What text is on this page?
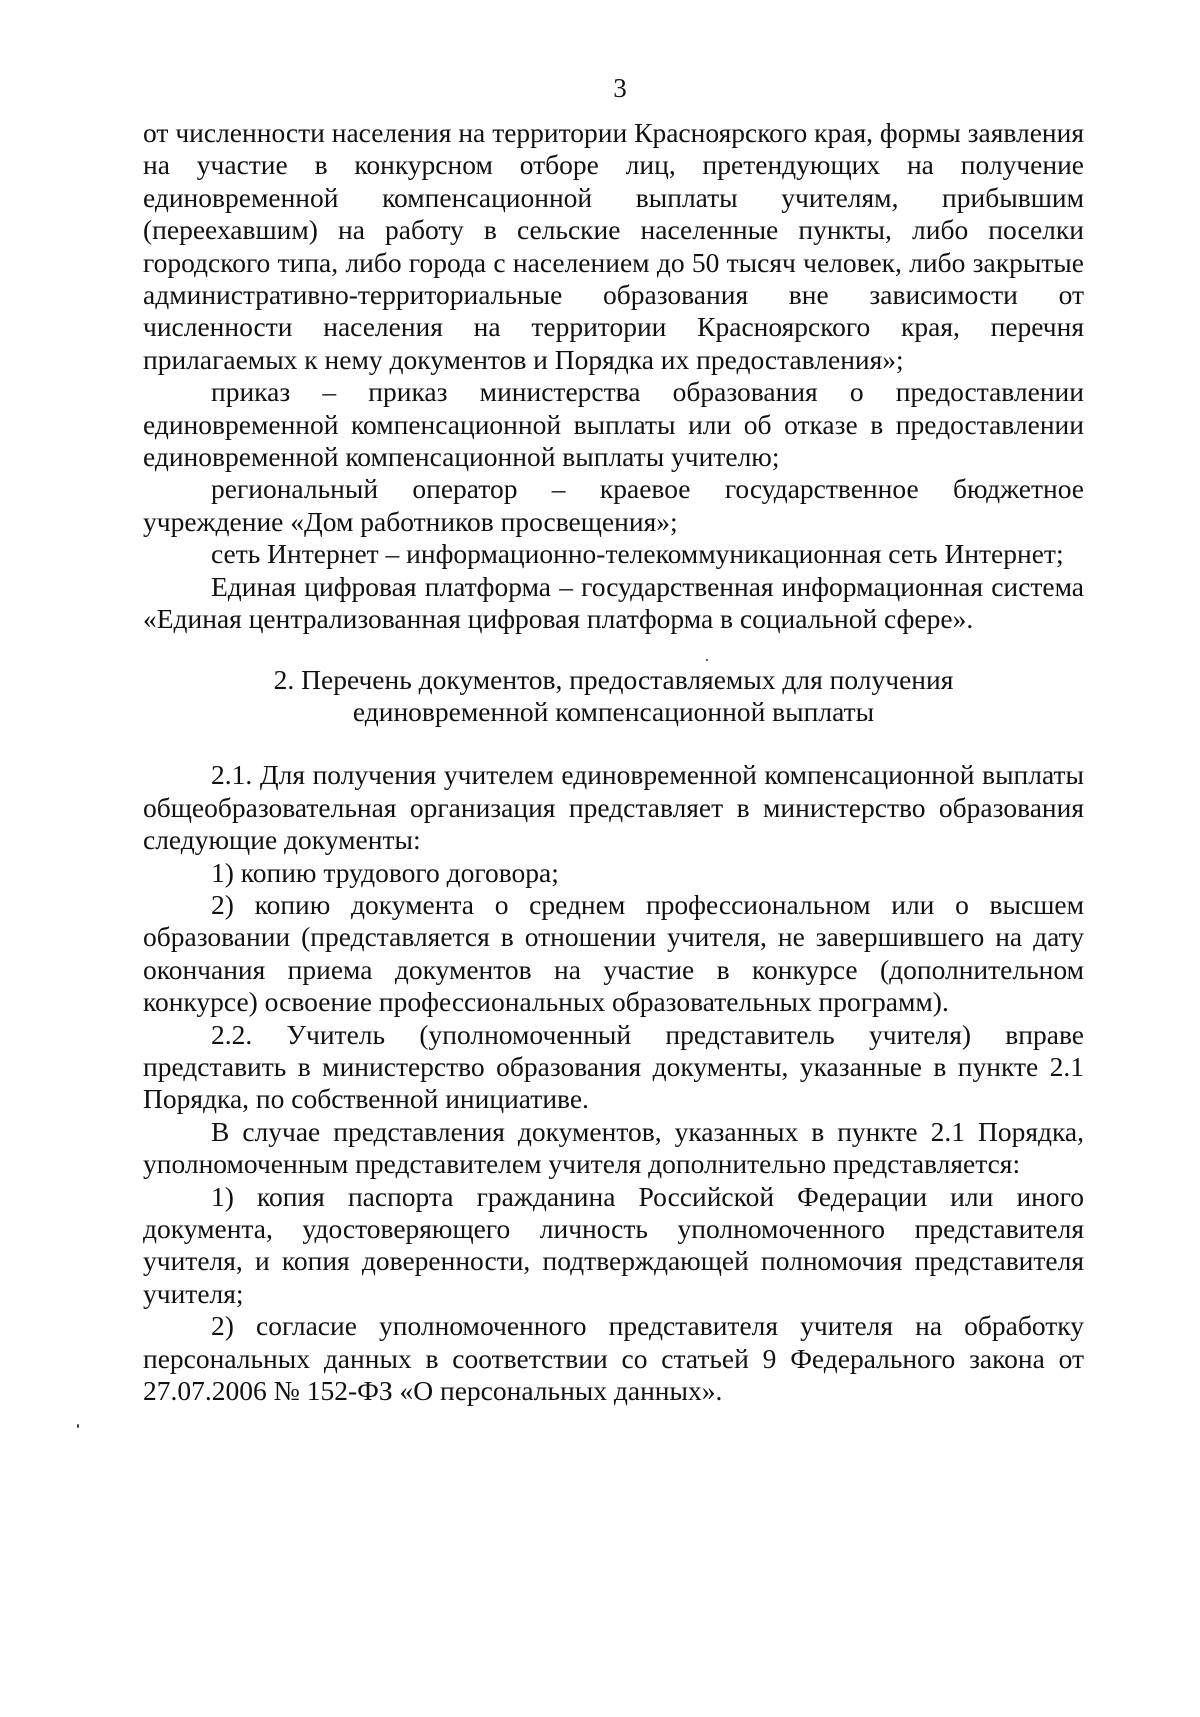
3

от численности населения на территории Красноярского края, формы заявления на участие в конкурсном отборе лиц, претендующих на получение единовременной компенсационной выплаты учителям, прибывшим (переехавшим) на работу в сельские населенные пункты, либо поселки городского типа, либо города с населением до 50 тысяч человек, либо закрытые административно-территориальные образования вне зависимости от численности населения на территории Красноярского края, перечня прилагаемых к нему документов и Порядка их предоставления»;

приказ – приказ министерства образования о предоставлении единовременной компенсационной выплаты или об отказе в предоставлении единовременной компенсационной выплаты учителю;

региональный оператор – краевое государственное бюджетное учреждение «Дом работников просвещения»;

сеть Интернет – информационно-телекоммуникационная сеть Интернет;

Единая цифровая платформа – государственная информационная система «Единая централизованная цифровая платформа в социальной сфере».

2. Перечень документов, предоставляемых для получения
единовременной компенсационной выплаты

2.1. Для получения учителем единовременной компенсационной выплаты общеобразовательная организация представляет в министерство образования следующие документы:

1) копию трудового договора;

2) копию документа о среднем профессиональном или о высшем образовании (представляется в отношении учителя, не завершившего на дату окончания приема документов на участие в конкурсе (дополнительном конкурсе) освоение профессиональных образовательных программ).

2.2. Учитель (уполномоченный представитель учителя) вправе представить в министерство образования документы, указанные в пункте 2.1 Порядка, по собственной инициативе.

В случае представления документов, указанных в пункте 2.1 Порядка, уполномоченным представителем учителя дополнительно представляется:

1) копия паспорта гражданина Российской Федерации или иного документа, удостоверяющего личность уполномоченного представителя учителя, и копия доверенности, подтверждающей полномочия представителя учителя;

2) согласие уполномоченного представителя учителя на обработку персональных данных в соответствии со статьей 9 Федерального закона от 27.07.2006 № 152-ФЗ «О персональных данных».
